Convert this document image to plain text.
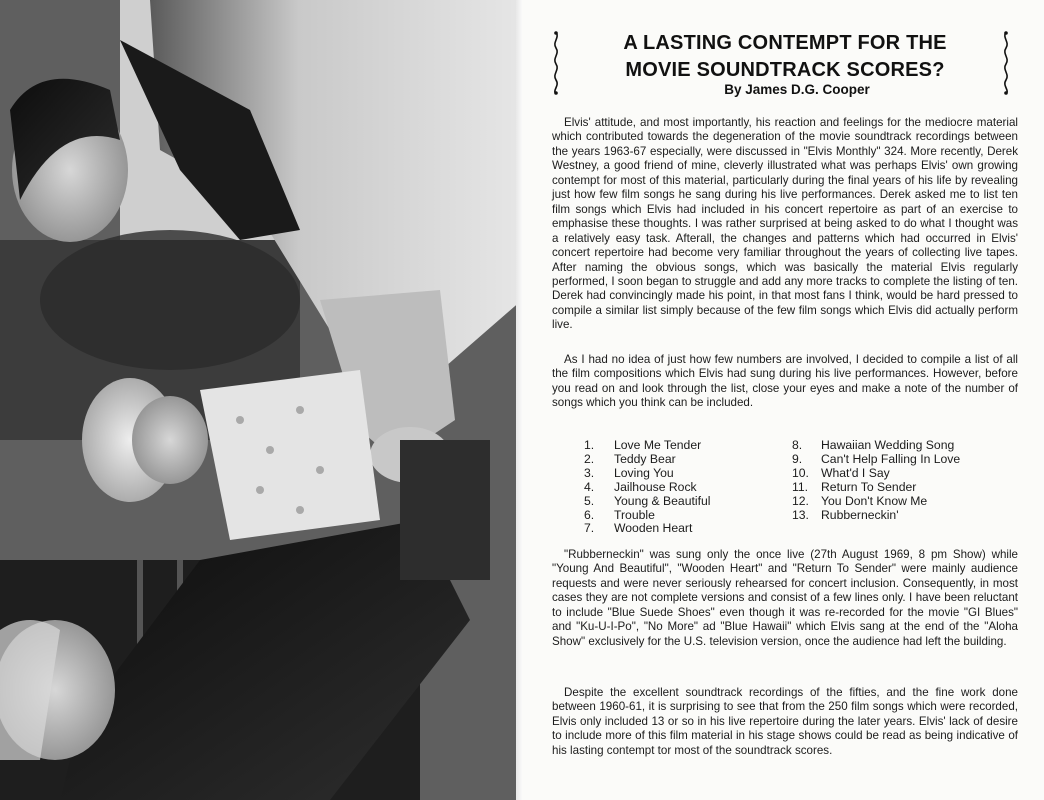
A LASTING CONTEMPT FOR THE
MOVIE SOUNDTRACK SCORES?
By James D.G. Cooper

Elvis' attitude, and most importantly, his reaction and feelings for the mediocre material which contributed towards the degeneration of the movie soundtrack recordings between the years 1963-67 especially, were discussed in "Elvis Monthly" 324. More recently, Derek Westney, a good friend of mine, cleverly illustrated what was perhaps Elvis' own growing contempt for most of this material, particularly during the final years of his life by revealing just how few film songs he sang during his live performances. Derek asked me to list ten film songs which Elvis had included in his concert repertoire as part of an exercise to emphasise these thoughts. I was rather surprised at being asked to do what I thought was a relatively easy task. Afterall, the changes and patterns which had occurred in Elvis' concert repertoire had become very familiar throughout the years of collecting live tapes. After naming the obvious songs, which was basically the material Elvis regularly performed, I soon began to struggle and add any more tracks to complete the listing of ten. Derek had convincingly made his point, in that most fans I think, would be hard pressed to compile a similar list simply because of the few film songs which Elvis did actually perform live.

As I had no idea of just how few numbers are involved, I decided to compile a list of all the film compositions which Elvis had sung during his live performances. However, before you read on and look through the list, close your eyes and make a note of the number of songs which you think can be included.

1.	Love Me Tender
2.	Teddy Bear
3.	Loving You
4.	Jailhouse Rock
5.	Young & Beautiful
6.	Trouble
7.	Wooden Heart
8.	Hawaiian Wedding Song
9.	Can't Help Falling In Love
10. What'd I Say
11.	Return To Sender
12. You Don't Know Me
13. Rubberneckin'

"Rubberneckin" was sung only the once live (27th August 1969, 8 pm Show) while "Young And Beautiful", "Wooden Heart" and "Return To Sender" were mainly audience requests and were never seriously rehearsed for concert inclusion. Consequently, in most cases they are not complete versions and consist of a few lines only. I have been reluctant to include "Blue Suede Shoes" even though it was re-recorded for the movie "GI Blues" and "Ku-U-I-Po", "No More" ad "Blue Hawaii" which Elvis sang at the end of the "Aloha Show" exclusively for the U.S. television version, once the audience had left the building.

Despite the excellent soundtrack recordings of the fifties, and the fine work done between 1960-61, it is surprising to see that from the 250 film songs which were recorded, Elvis only included 13 or so in his live repertoire during the later years. Elvis' lack of desire to include more of this film material in his stage shows could be read as being indicative of his lasting contempt tor most of the soundtrack scores.
